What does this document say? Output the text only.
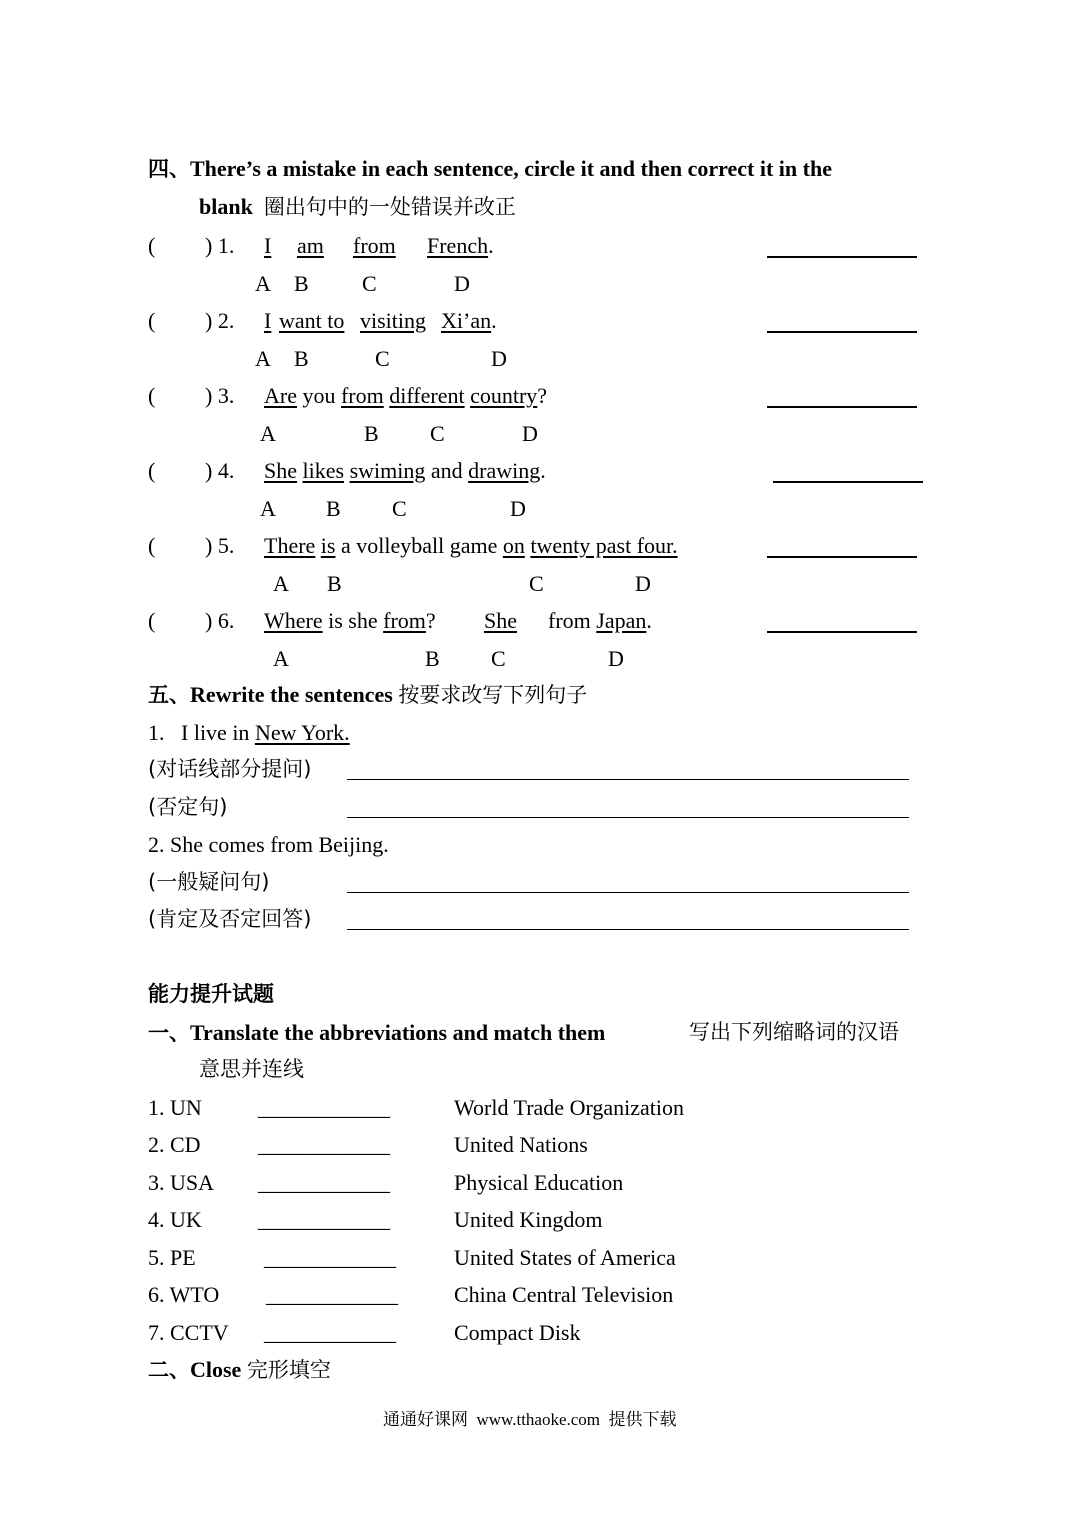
四、There’s a mistake in each sentence, circle it and then correct it in the
blank 圈出句中的一处错误并改正
( ) 1. I am from French.
A B C	D
( ) 2. I want to visiting Xi’an.
A B	C	D
( ) 3. Are you from different country?
A	B C	D
( ) 4. She likes swiming and drawing.
A B C	D
( ) 5. There is a volleyball game on twenty past four.
A B	C	D
( ) 6. Where is she from? She from Japan.
A	B C	D
五、Rewrite the sentences 按要求改写下列句子
1.   I live in New York.
(对话线部分提问)
(否定句)
2. She comes from Beijing.
(一般疑问句)
(肯定及否定回答)
能力提升试题
一、Translate the abbreviations and match them	写出下列缩略词的汉语
意思并连线
1. UN	____________	World Trade Organization
2. CD	____________	United Nations
3. USA ____________	Physical Education
4. UK	____________	United Kingdom
5. PE	____________	United States of America
6. WTO ____________	China Central Television
7. CCTV ____________	Compact Disk
二、Close 完形填空
通通好课网 www.tthaoke.com 提供下载
